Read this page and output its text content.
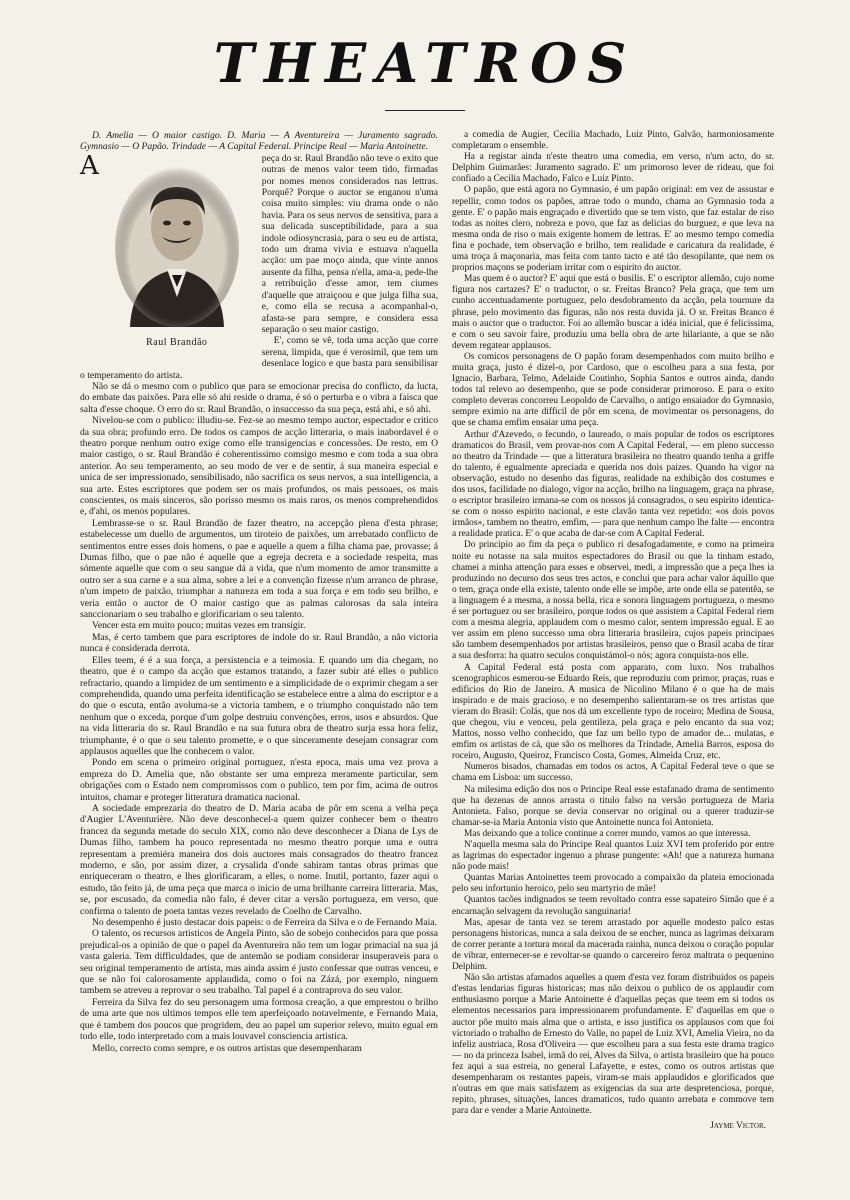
THEATROS

D. Amelia — O maior castigo. D. Maria — A Aventureira — Juramento sagrado. Gymnasio — O Papão. Trindade — A Capital Federal. Principe Real — Maria Antoinette.

A
Raul Brandão
peça do sr. Raul Brandão não teve o exito que outras de menos valor teem tido, firmadas por nomes menos considerados nas lettras. Porquê? Porque o auctor se enganou n'uma coisa muito simples: viu drama onde o não havia. Para os seus nervos de sensitiva, para a sua delicada susceptibilidade, para a sua indole odiosyncrasia, para o seu eu de artista, todo um drama vivia e estuava n'aquella acção: um pae moço ainda, que vinte annos ausente da filha, pensa n'ella, ama-a, pede-lhe a retribuição d'esse amor, tem ciumes d'aquelle que atraiçoou e que julga filha sua, e, como ella se recusa a acompanhal-o, afasta-se para sempre, e considera essa separação o seu maior castigo.

E', como se vê, toda uma acção que corre serena, limpida, que é verosimil, que tem um desenlace logico e que basta para sensibilisar o temperamento do artista.

Não se dá o mesmo com o publico que para se emocionar precisa do conflicto, da lucta, do embate das paixões. Para elle só ahi reside o drama, é só o perturba e o vibra a faisca que salta d'esse choque. O erro do sr. Raul Brandão, o insuccesso da sua peça, está ahi, e só ahi.

Nivelou-se com o publico: illudiu-se. Fez-se ao mesmo tempo auctor, espectador e critico da sua obra; profundo erro. De todos os campos de acção litteraria, o mais inabordavel é o theatro porque nenhum outro exige como elle transigencias e concessões. De resto, em O maior castigo, o sr. Raul Brandão é coherentissimo comsigo mesmo e com toda a sua obra anterior. Ao seu temperamento, ao seu modo de ver e de sentir, á sua maneira especial e unica de ser impressionado, sensibilisado, não sacrifica os seus nervos, a sua intelligencia, a sua arte. Estes escriptores que podem ser os mais profundos, os mais pessoaes, os mais conscientes, os mais sinceros, são porisso mesmo os mais raros, os menos comprehendidos e, d'ahi, os menos populares.

Lembrasse-se o sr. Raul Brandão de fazer theatro, na accepção plena d'esta phrase; estabelecesse um duello de argumentos, um tiroteio de paixões, um arrebatado conflicto de sentimentos entre esses dois homens, o pae e aquelle a quem a filha chama pae, provasse; á Dumas filho, que o pae não é aquelle que a egreja decreta e a sociedade respeita, mas sómente aquelle que com o seu sangue dá a vida, que n'um momento de amor transmitte a outro ser a sua carne e a sua alma, sobre a lei e a convenção fizesse n'um arranco de phrase, n'um impeto de paixão, triumphar a natureza em toda a sua força e em todo seu brilho, e veria então o auctor de O maior castigo que as palmas calorosas da sala inteira sanccionariam o seu trabalho e glorificariam o seu talento.

Vencer esta em muito pouco; muitas vezes em transigir.

Mas, é certo tambem que para escriptores de indole do sr. Raul Brandão, a não victoria nunca é considerada derrota.

Elles teem, é é a sua força, a persistencia e a teimosia. E quando um dia chegam, no theatro, que é o campo da acção que estamos tratando, a fazer subir até elles o publico refractario, quando a limpidez de um sentimento e a simplicidade de o exprimir chegam a ser comprehendida, quando uma perfeita identificação se estabelece entre a alma do escriptor e a do que o escuta, então avoluma-se a victoria tambem, e o triumpho conquistado não tem nenhum que o exceda, porque d'um golpe destruiu convenções, erros, usos e absurdos. Que na vida litteraria do sr. Raul Brandão e na sua futura obra de theatro surja essa hora feliz, triumphante, é o que o seu talento promette, e o que sinceramente desejam consagrar com applausos aquelles que lhe conhecem o valor.

Pondo em scena o primeiro original portuguez, n'esta epoca, mais uma vez prova a empreza do D. Amelia que, não obstante ser uma empreza meramente particular, sem obrigações com o Estado nem compromissos com o publico, tem por fim, acima de outros intuitos, chamar e proteger litteratura dramatica nacional.

A sociedade emprezaria do theatro de D. Maria acaba de pôr em scena a velha peça d'Augier L'Aventurière. Não deve desconhecel-a quem quizer conhecer bem o theatro francez da segunda metade do seculo XIX, como não deve desconhecer a Diana de Lys de Dumas filho, tambem ha pouco representada no mesmo theatro porque uma e outra representam a premiéra maneira dos dois auctores mais consagrados do theatro francez moderno, e são, por assim dizer, a crysalida d'onde sahiram tantas obras primas que enriqueceram o theatro, e lhes glorificaram, a elles, o nome. Inutil, portanto, fazer aqui o estudo, tão feito já, de uma peça que marca o inicio de uma brilhante carreira litteraria. Mas, se, por escusado, da comedia não falo, é dever citar a versão portugueza, em verso, que confirma o talento de poeta tantas vezes revelado de Coelho de Carvalho.

No desempenho é justo destacar dois papeis: o de Ferreira da Silva e o de Fernando Maia.

O talento, os recursos artisticos de Angela Pinto, são de sobejo conhecidos para que possa prejudical-os a opinião de que o papel da Aventureira não tem um logar primacial na sua já vasta galeria. Tem difficuldades, que de antemão se podiam considerar insuperaveis para o seu original temperamento de artista, mas ainda assim é justo confessar que outras venceu, e que se não foi calorosamente applaudida, como o foi na Zázá, por exemplo, ninguem tambem se atreveu a reprovar o seu trabalho. Tal papel é a contraprova do seu valor.

Ferreira da Silva fez do seu personagem uma formosa creação, a que emprestou o brilho de uma arte que nos ultimos tempos elle tem aperfeiçoado notavelmente, e Fernando Maia, que é tambem dos poucos que progridem, deu ao papel um superior relevo, muito egual em todo elle, todo interpretado com a mais louvavel consciencia artistica.

Mello, correcto como sempre, e os outros artistas que desempenharam

a comedia de Augier, Cecilia Machado, Luiz Pinto, Galvão, harmoniosamente completaram o ensemble.

Ha a registar ainda n'este theatro uma comedia, em verso, n'um acto, do sr. Delphim Guimarães: Juramento sagrado. E' um primoroso lever de rideau, que foi confiado a Cecilia Machado, Falco e Luiz Pinto.

O papão, que está agora no Gymnasio, é um papão original: em vez de assustar e repellir, como todos os papões, attrae todo o mundo, chama ao Gymnasio toda a gente. E' o papão mais engraçado e divertido que se tem visto, que faz estalar de riso todas as noites clero, nobreza e povo, que faz as delicias do burguez, e que leva na mesma onda de riso o mais exigente homem de lettras. E' ao mesmo tempo comedia fina e pochade, tem observação e brilho, tem realidade e caricatura da realidade, é uma troça á maçonaria, mas feita com tanto tacto e até tão desopilante, que nem os proprios maçons se poderiam irritar com o espirito do auctor.

Mas quem é o auctor? E' aqui que está o busilis. E' o escriptor allemão, cujo nome figura nos cartazes? E' o traductor, o sr. Freitas Branco? Pela graça, que tem um cunho accentuadamente portuguez, pelo desdobramento da acção, pela tournure da phrase, pelo movimento das figuras, não nos resta duvida já. O sr. Freitas Branco é mais o auctor que o traductor. Foi ao allemão buscar a idéa inicial, que é felicissima, e com o seu savoir faire, produziu uma bella obra de arte hilariante, a que se não devem regatear applausos.

Os comicos personagens de O papão foram desempenhados com muito brilho e muita graça, justo é dizel-o, por Cardoso, que o escolheu para a sua festa, por Ignacio, Barbara, Telmo, Adelaide Coutinho, Sophia Santos e outros ainda, dando todos tal relevo ao desempenho, que se pode considerar primoroso. E para o exito completo deveras concorreu Leopoldo de Carvalho, o antigo ensaiador do Gymnasio, sempre eximio na arte difficil de pôr em scena, de movimentar os personagens, do que se chama emfim ensaiar uma peça.

Arthur d'Azevedo, o fecundo, o laureado, o mais popular de todos os escriptores dramaticos do Brasil, vem provar-nos com A Capital Federal, — em pleno successo no theatro da Trindade — que a litteratura brasileira no theatro quando tenha a griffe do talento, é egualmente apreciada e querida nos dois paizes. Quando ha vigor na observação, estudo no desenho das figuras, realidade na exhibição dos costumes e dos usos, facilidade no dialogo, vigor na acção, brilho na linguagem, graça na phrase, o escriptor brasileiro irmana-se com os nossos já consagrados, o seu espirito identica-se com o nosso espirito nacional, e este clavão tanta vez repetido: «os dois povos irmãos», tambem no theatro, emfim, — para que nenhum campo lhe falte — encontra a realidade pratica. E' o que acaba de dar-se com A Capital Federal.

Do principio ao fim da peça o publico ri desafogadamente, e como na primeira noite eu notasse na sala muitos espectadores do Brasil ou que la tinham estado, chamei a minha attenção para esses e observei, medi, a impressão que a peça lhes ia produzindo no decurso dos seus tres actos, e conclui que para achar valor áquillo que o tem, graça onde ella existe, talento onde elle se impõe, arte onde ella se patentêa, se a linguagem é a mesma, a nossa bella, rica e sonora linguagem portugueza, o mesmo é ser portuguez ou ser brasileiro, porque todos os que assistem a Capital Federal riem com a mesma alegria, applaudem com o mesmo calor, sentem impressão egual. E ao ver assim em pleno successo uma obra litteraria brasileira, cujos papeis principaes são tambem desempenhados por artistas brasileiros, penso que o Brasil acaba de tirar a sua desforra: ha quatro seculos conquistámol-o nós; agora conquista-nos elle.

A Capital Federal está posta com apparato, com luxo. Nos trabalhos scenographicos esmerou-se Eduardo Reis, que reproduziu com primor, praças, ruas e edificios do Rio de Janeiro. A musica de Nicolino Milano é o que ha de mais inspirado e de mais gracioso, e no desempenho salientaram-se os tres artistas que vieram do Brasil: Colás, que nos dá um excellente typo de roceiro; Medina de Sousa, que chegou, viu e venceu, pela gentileza, pela graça e pelo encanto da sua voz; Mattos, nosso velho conhecido, que faz um bello typo de amador de... mulatas, e emfim os artistas de cá, que são os melhores da Trindade, Amelia Barros, esposa do roceiro, Augusto, Queiroz, Francisco Costa, Gomes, Almeida Cruz, etc.

Numeros bisados, chamadas em todos os actos, A Capital Federal teve o que se chama em Lisboa: um successo.

Na milesima edição dos nos o Principe Real esse estafanado drama de sentimento que ha dezenas de annos arrasta o titulo falso na versão portugueza de Maria Antonieta. Falso, porque se devia conservar no original ou a querer traduzir-se chamar-se-ia Maria Antonia visto que Antoinette nunca foi Antonieta.

Mas deixando que a tolice continue a correr mundo, vamos ao que interessa.

N'aquella mesma sala do Principe Real quantos Luiz XVI tem proferido por entre as lagrimas do espectador ingenuo a phrase pungente: «Ah! que a natureza humana não pode mais!

Quantas Marias Antoinettes teem provocado a compaixão da plateia emocionada pelo seu infortunio heroico, pelo seu martyrio de mãe!

Quantos tacões indignados se teem revoltado contra esse sapateiro Simão que é a encarnação selvagem da revolução sanguinaria!

Mas, apesar de tanta vez se terem arrastado por aquelle modesto palco estas personagens historicas, nunca a sala deixou de se encher, nunca as lagrimas deixaram de correr perante a tortura moral da macerada rainha, nunca deixou o coração popular de vibrar, enternecer-se e revoltar-se quando o carcereiro feroz maltrata o pequenino Delphim.

Não são artistas afamados aquelles a quem d'esta vez foram distribuidos os papeis d'estas lendarias figuras historicas; mas não deixou o publico de os applaudir com enthusiasmo porque a Marie Antoinette é d'aquellas peças que teem em si todos os elementos necessarios para impressionarem profundamente. E' d'aquellas em que o auctor pôe muito mais alma que o artista, e isso justifica os applausos com que foi victoriado o trabalho de Ernesto do Valle, no papel de Luiz XVI, Amelia Vieira, no da infeliz austriaca, Rosa d'Oliveira — que escolheu para a sua festa este drama tragico — no da princeza Isabel, irmã do rei, Alves da Silva, o artista brasileiro que ha pouco fez aqui a sua estreia, no general Lafayette, e estes, como os outros artistas que desempenharam os restantes papeis, viram-se mais applaudidos e glorificados que n'outras em que mais satisfazem as exigencias da sua arte despretenciosa, porque, repito, phrases, situações, lances dramaticos, tudo quanto arrebata e commove tem para dar e vender a Marie Antoinette.

Jayme Victor.
